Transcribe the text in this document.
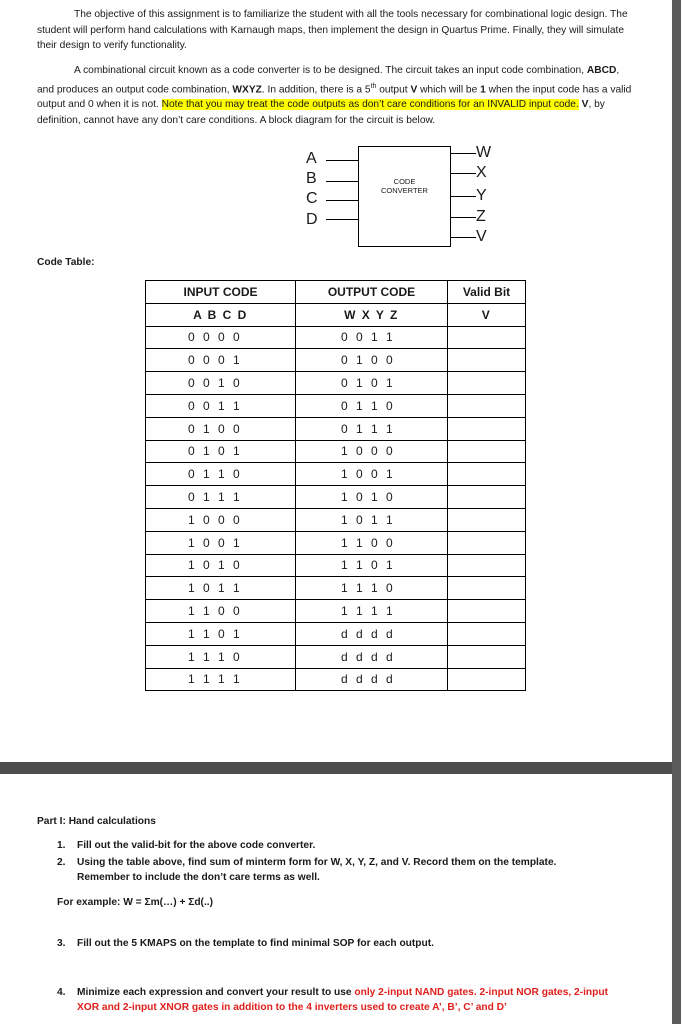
The objective of this assignment is to familiarize the student with all the tools necessary for combinational logic design. The student will perform hand calculations with Karnaugh maps, then implement the design in Quartus Prime. Finally, they will simulate their design to verify functionality.

A combinational circuit known as a code converter is to be designed. The circuit takes an input code combination, ABCD, and produces an output code combination, WXYZ. In addition, there is a 5th output V which will be 1 when the input code has a valid output and 0 when it is not. Note that you may treat the code outputs as don’t care conditions for an INVALID input code. V, by definition, cannot have any don’t care conditions. A block diagram for the circuit is below.

A
B
C
D
CODE
CONVERTER
W
X
Y
Z
V
Code Table:
INPUT CODE	OUTPUT CODE	Valid Bit
A B C D	W X Y Z	V
0 0 0 0	0 0 1 1	
0 0 0 1	0 1 0 0	
0 0 1 0	0 1 0 1	
0 0 1 1	0 1 1 0	
0 1 0 0	0 1 1 1	
0 1 0 1	1 0 0 0	
0 1 1 0	1 0 0 1	
0 1 1 1	1 0 1 0	
1 0 0 0	1 0 1 1	
1 0 0 1	1 1 0 0	
1 0 1 0	1 1 0 1	
1 0 1 1	1 1 1 0	
1 1 0 0	1 1 1 1	
1 1 0 1	d d d d	
1 1 1 0	d d d d	
1 1 1 1	d d d d	
Part I: Hand calculations
1. Fill out the valid-bit for the above code converter.
2. Using the table above, find sum of minterm form for W, X, Y, Z, and V. Record them on the template.
Remember to include the don’t care terms as well.
For example: W = Σm(…) + Σd(..)
3. Fill out the 5 KMAPS on the template to find minimal SOP for each output.
4. Minimize each expression and convert your result to use only 2-input NAND gates. 2-input NOR gates, 2-input
XOR and 2-input XNOR gates in addition to the 4 inverters used to create A’, B’, C’ and D’
